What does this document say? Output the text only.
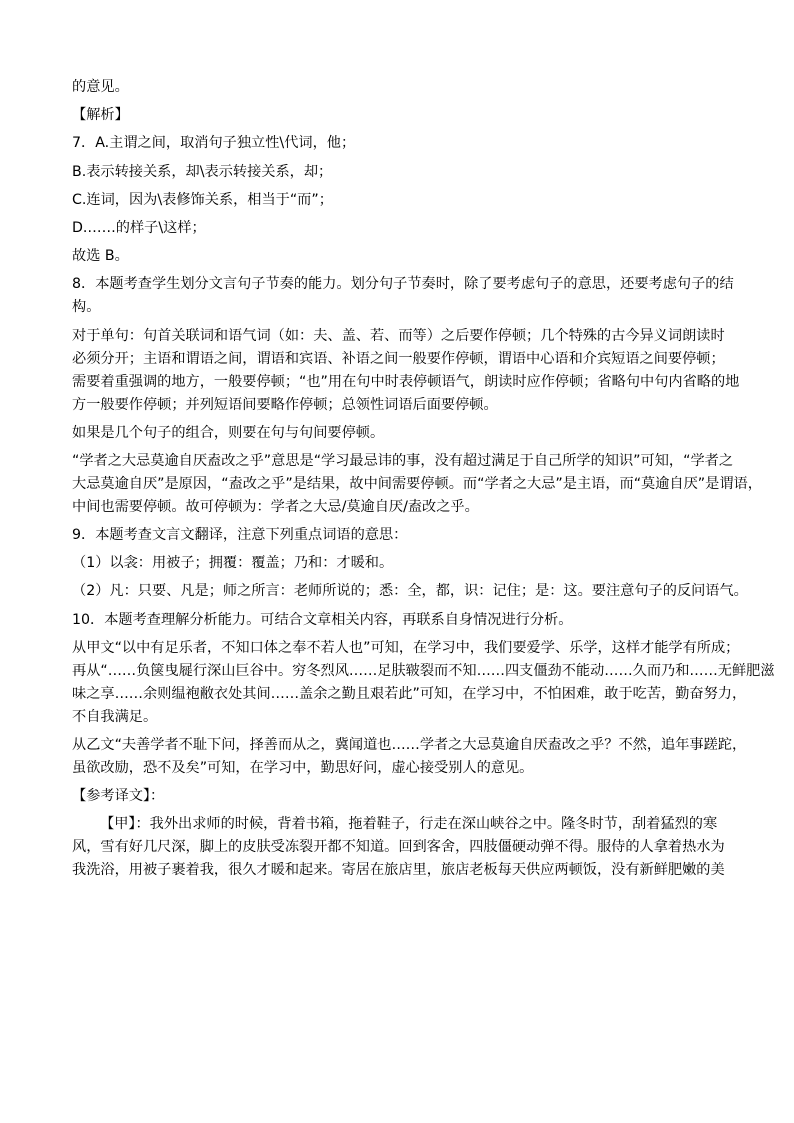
的意见。
【解析】
7．A.主谓之间，取消句子独立性\代词，他；
B.表示转接关系，却\表示转接关系，却；
C.连词，因为\表修饰关系，相当于“而”；
D.……的样子\这样；
故选 B。
8．本题考查学生划分文言句子节奏的能力。划分句子节奏时，除了要考虑句子的意思，还要考虑句子的结
构。
对于单句：句首关联词和语气词（如：夫、盖、若、而等）之后要作停顿；几个特殊的古今异义词朗读时
必须分开；主语和谓语之间，谓语和宾语、补语之间一般要作停顿，谓语中心语和介宾短语之间要停顿；
需要着重强调的地方，一般要停顿；“也”用在句中时表停顿语气，朗读时应作停顿；省略句中句内省略的地
方一般要作停顿；并列短语间要略作停顿；总领性词语后面要停顿。
如果是几个句子的组合，则要在句与句间要停顿。
“学者之大忌莫逾自厌盍改之乎”意思是“学习最忌讳的事，没有超过满足于自己所学的知识”可知，“学者之
大忌莫逾自厌”是原因，“盍改之乎”是结果，故中间需要停顿。而“学者之大忌”是主语，而“莫逾自厌”是谓语，
中间也需要停顿。故可停顿为：学者之大忌/莫逾自厌/盍改之乎。
9．本题考查文言文翻译，注意下列重点词语的意思：
（1）以衾：用被子；拥覆：覆盖；乃和：才暖和。
（2）凡：只要、凡是；师之所言：老师所说的；悉：全，都，识：记住；是：这。要注意句子的反问语气。
10．本题考查理解分析能力。可结合文章相关内容，再联系自身情况进行分析。
从甲文“以中有足乐者，不知口体之奉不若人也”可知，在学习中，我们要爱学、乐学，这样才能学有所成；
再从“……负箧曳屣行深山巨谷中。穷冬烈风……足肤皲裂而不知……四支僵劲不能动……久而乃和……无鲜肥滋
味之享……余则缊袍敝衣处其间……盖余之勤且艰若此”可知，在学习中，不怕困难，敢于吃苦，勤奋努力，
不自我满足。
从乙文“夫善学者不耻下问，择善而从之，冀闻道也……学者之大忌莫逾自厌盍改之乎？不然，追年事蹉跎，
虽欲改励，恐不及矣”可知，在学习中，勤思好问，虚心接受别人的意见。
【参考译文】：
【甲】：我外出求师的时候，背着书箱，拖着鞋子，行走在深山峡谷之中。隆冬时节，刮着猛烈的寒
风，雪有好几尺深，脚上的皮肤受冻裂开都不知道。回到客舍，四肢僵硬动弹不得。服侍的人拿着热水为
我洗浴，用被子裹着我，很久才暖和起来。寄居在旅店里，旅店老板每天供应两顿饭，没有新鲜肥嫩的美
